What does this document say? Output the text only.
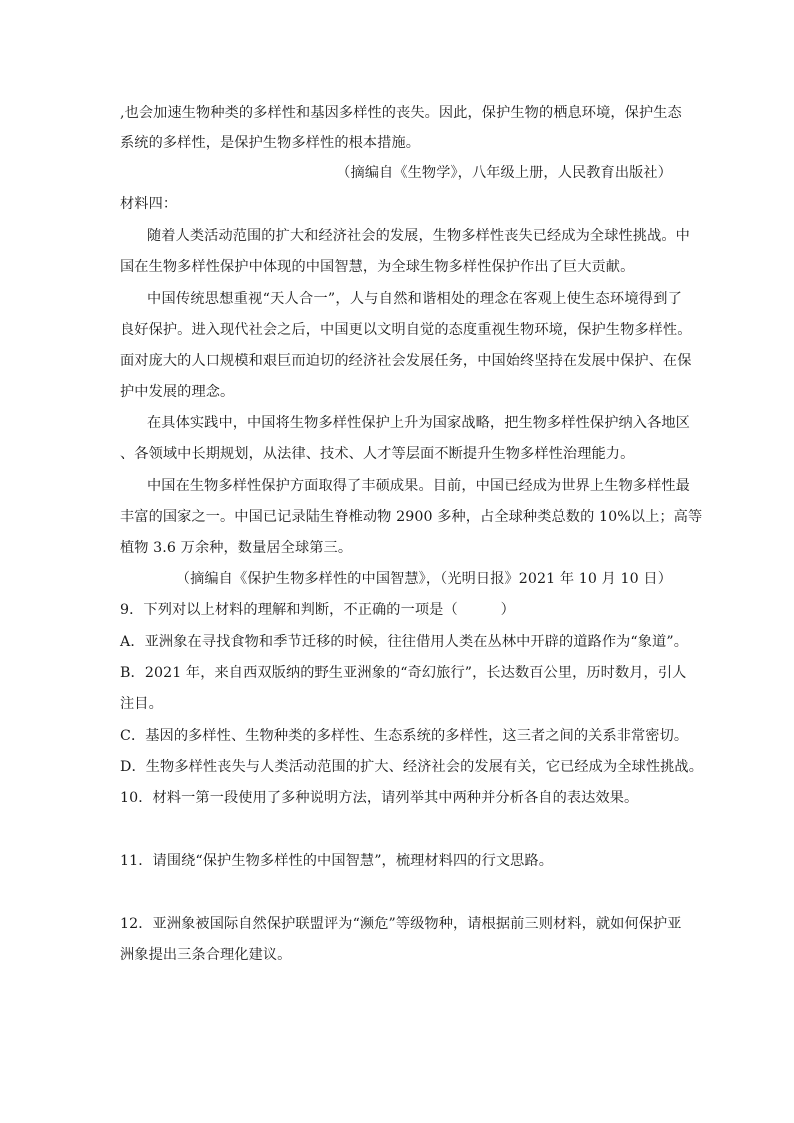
,也会加速生物种类的多样性和基因多样性的丧失。因此，保护生物的栖息环境，保护生态
系统的多样性，是保护生物多样性的根本措施。
（摘编自《生物学》，八年级上册，人民教育出版社）
材料四：
随着人类活动范围的扩大和经济社会的发展，生物多样性丧失已经成为全球性挑战。中
国在生物多样性保护中体现的中国智慧，为全球生物多样性保护作出了巨大贡献。
中国传统思想重视“天人合一”，人与自然和谐相处的理念在客观上使生态环境得到了
良好保护。进入现代社会之后，中国更以文明自觉的态度重视生物环境，保护生物多样性。
面对庞大的人口规模和艰巨而迫切的经济社会发展任务，中国始终坚持在发展中保护、在保
护中发展的理念。
在具体实践中，中国将生物多样性保护上升为国家战略，把生物多样性保护纳入各地区
、各领域中长期规划，从法律、技术、人才等层面不断提升生物多样性治理能力。
中国在生物多样性保护方面取得了丰硕成果。目前，中国已经成为世界上生物多样性最
丰富的国家之一。中国已记录陆生脊椎动物 2900 多种，占全球种类总数的 10%以上；高等
植物 3.6 万余种，数量居全球第三。
（摘编自《保护生物多样性的中国智慧》，（光明日报》2021 年 10 月 10 日）
9．下列对以上材料的理解和判断，不正确的一项是（　　　）
A．亚洲象在寻找食物和季节迁移的时候，往往借用人类在丛林中开辟的道路作为“象道”。
B．2021 年，来自西双版纳的野生亚洲象的“奇幻旅行”，长达数百公里，历时数月，引人
注目。
C．基因的多样性、生物种类的多样性、生态系统的多样性，这三者之间的关系非常密切。
D．生物多样性丧失与人类活动范围的扩大、经济社会的发展有关，它已经成为全球性挑战。
10．材料一第一段使用了多种说明方法，请列举其中两种并分析各自的表达效果。
11．请围绕“保护生物多样性的中国智慧”，梳理材料四的行文思路。
12．亚洲象被国际自然保护联盟评为“濒危”等级物种，请根据前三则材料，就如何保护亚
洲象提出三条合理化建议。
